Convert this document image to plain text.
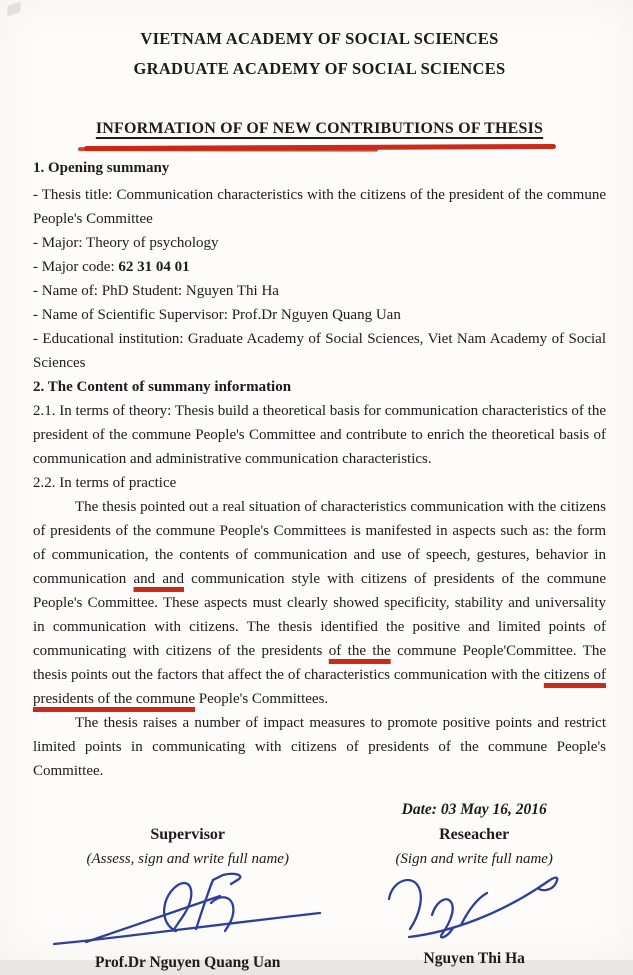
VIETNAM ACADEMY OF SOCIAL SCIENCES
GRADUATE ACADEMY OF SOCIAL SCIENCES
INFORMATION OF OF NEW CONTRIBUTIONS OF THESIS

1. Opening summany

- Thesis title: Communication characteristics with the citizens of the president of the commune People's Committee

- Major: Theory of psychology

- Major code: 62 31 04 01

- Name of: PhD Student: Nguyen Thi Ha

- Name of Scientific Supervisor: Prof.Dr Nguyen Quang Uan

- Educational institution: Graduate Academy of Social Sciences, Viet Nam Academy of Social Sciences

2. The Content of summany information

2.1. In terms of theory: Thesis build a theoretical basis for communication characteristics of the president of the commune People's Committee and contribute to enrich the theoretical basis of communication and administrative communication characteristics.

2.2. In terms of practice

The thesis pointed out a real situation of characteristics communication with the citizens of presidents of the commune People's Committees is manifested in aspects such as: the form of communication, the contents of communication and use of speech, gestures, behavior in communication and and communication style with citizens of presidents of the commune People's Committee. These aspects must clearly showed specificity, stability and universality in communication with citizens. The thesis identified the positive and limited points of communicating with citizens of the presidents of the the commune People'Committee. The thesis points out the factors that affect the of characteristics communication with the citizens of presidents of the commune People's Committees.

The thesis raises a number of impact measures to promote positive points and restrict limited points in communicating with citizens of presidents of the commune People's Committee.

Supervisor
(Assess, sign and write full name)
Prof.Dr Nguyen Quang Uan
Date: 03 May 16, 2016
Reseacher
(Sign and write full name)
Nguyen Thi Ha
